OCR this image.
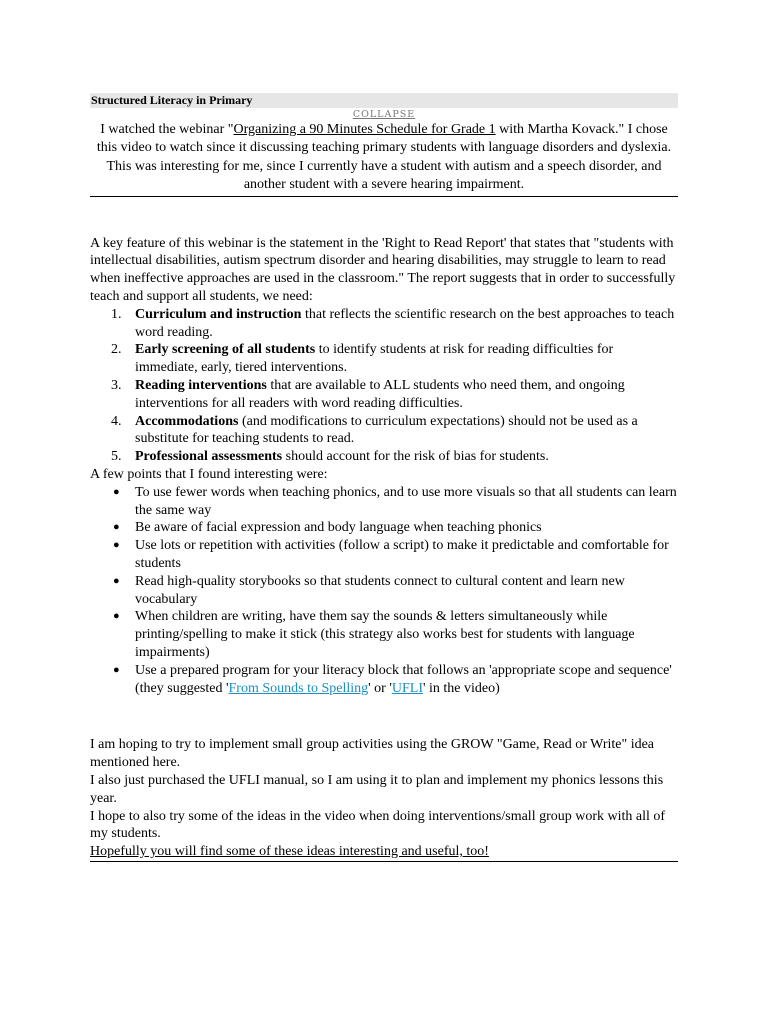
Structured Literacy in Primary
COLLAPSE
I watched the webinar "Organizing a 90 Minutes Schedule for Grade 1 with Martha Kovack." I chose this video to watch since it discussing teaching primary students with language disorders and dyslexia. This was interesting for me, since I currently have a student with autism and a speech disorder, and another student with a severe hearing impairment.

A key feature of this webinar is the statement in the 'Right to Read Report' that states that "students with intellectual disabilities, autism spectrum disorder and hearing disabilities, may struggle to learn to read when ineffective approaches are used in the classroom." The report suggests that in order to successfully teach and support all students, we need:

1. Curriculum and instruction that reflects the scientific research on the best approaches to teach word reading.
2. Early screening of all students to identify students at risk for reading difficulties for immediate, early, tiered interventions.
3. Reading interventions that are available to ALL students who need them, and ongoing interventions for all readers with word reading difficulties.
4. Accommodations (and modifications to curriculum expectations) should not be used as a substitute for teaching students to read.
5. Professional assessments should account for the risk of bias for students.

A few points that I found interesting were:

● To use fewer words when teaching phonics, and to use more visuals so that all students can learn the same way
● Be aware of facial expression and body language when teaching phonics
● Use lots or repetition with activities (follow a script) to make it predictable and comfortable for students
● Read high-quality storybooks so that students connect to cultural content and learn new vocabulary
● When children are writing, have them say the sounds & letters simultaneously while printing/spelling to make it stick (this strategy also works best for students with language impairments)
● Use a prepared program for your literacy block that follows an 'appropriate scope and sequence' (they suggested 'From Sounds to Spelling' or 'UFLI' in the video)

I am hoping to try to implement small group activities using the GROW "Game, Read or Write" idea mentioned here.

I also just purchased the UFLI manual, so I am using it to plan and implement my phonics lessons this year.

I hope to also try some of the ideas in the video when doing interventions/small group work with all of my students.

Hopefully you will find some of these ideas interesting and useful, too!
